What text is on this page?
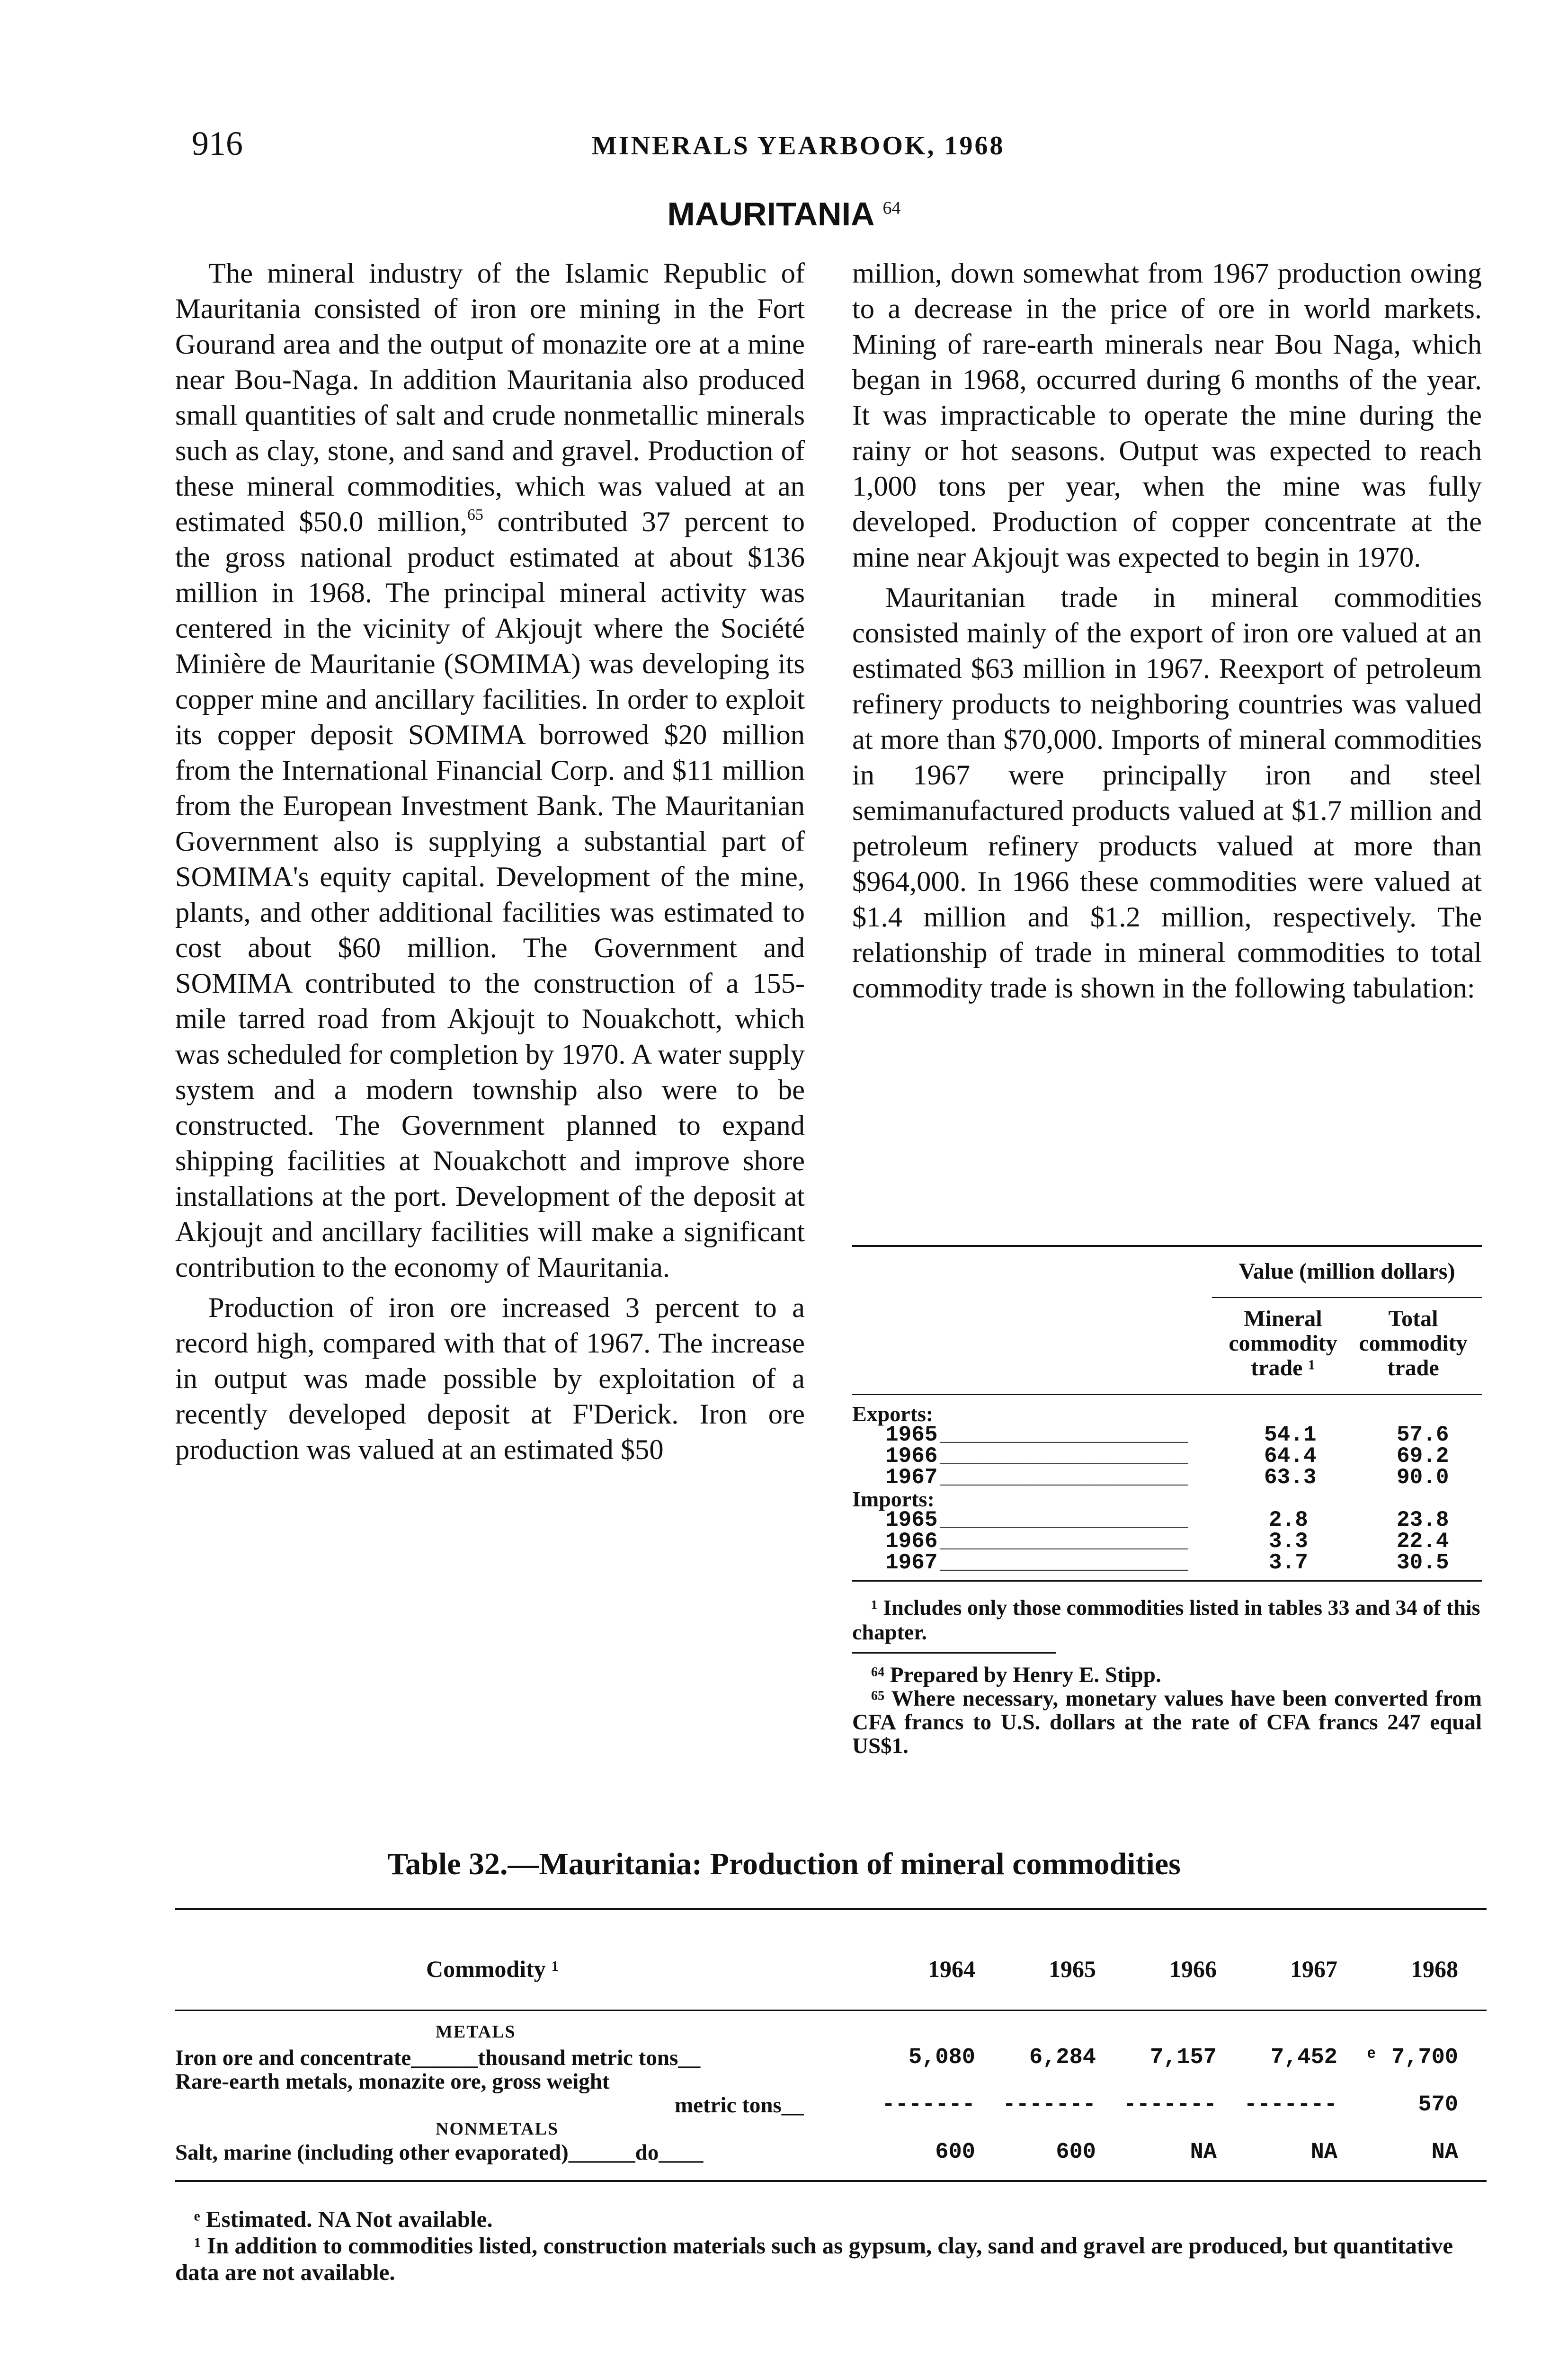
916	MINERALS YEARBOOK, 1968
MAURITANIA $^{64}$

The mineral industry of the Islamic Republic of Mauritania consisted of iron ore mining in the Fort Gourand area and the output of monazite ore at a mine near Bou-Naga. In addition Mauritania also produced small quantities of salt and crude nonmetallic minerals such as clay, stone, and sand and gravel. Production of these mineral commodities, which was valued at an estimated $50.0 million,$^{65}$ contributed 37 percent to the gross national product estimated at about $136 million in 1968. The principal mineral activity was centered in the vicinity of Akjoujt where the Société Minière de Mauritanie (SOMIMA) was developing its copper mine and ancillary facilities. In order to exploit its copper deposit SOMIMA borrowed $20 million from the International Financial Corp. and $11 million from the European Investment Bank. The Mauritanian Government also is supplying a substantial part of SOMIMA's equity capital. Development of the mine, plants, and other additional facilities was estimated to cost about $60 million. The Government and SOMIMA contributed to the construction of a 155-mile tarred road from Akjoujt to Nouakchott, which was scheduled for completion by 1970. A water supply system and a modern township also were to be constructed. The Government planned to expand shipping facilities at Nouakchott and improve shore installations at the port. Development of the deposit at Akjoujt and ancillary facilities will make a significant contribution to the economy of Mauritania.

Production of iron ore increased 3 percent to a record high, compared with that of 1967. The increase in output was made possible by exploitation of a recently developed deposit at F'Derick. Iron ore production was valued at an estimated $50

million, down somewhat from 1967 production owing to a decrease in the price of ore in world markets. Mining of rare-earth minerals near Bou Naga, which began in 1968, occurred during 6 months of the year. It was impracticable to operate the mine during the rainy or hot seasons. Output was expected to reach 1,000 tons per year, when the mine was fully developed. Production of copper concentrate at the mine near Akjoujt was expected to begin in 1970.

Mauritanian trade in mineral commodities consisted mainly of the export of iron ore valued at an estimated $63 million in 1967. Reexport of petroleum refinery products to neighboring countries was valued at more than $70,000. Imports of mineral commodities in 1967 were principally iron and steel semimanufactured products valued at $1.7 million and petroleum refinery products valued at more than $964,000. In 1966 these commodities were valued at $1.4 million and $1.2 million, respectively. The relationship of trade in mineral commodities to total commodity trade is shown in the following tabulation:

Value (million dollars)
Mineral commodity trade ¹
Total commodity trade
Exports:
1965 ___________________	54.1	57.6
1966 ___________________	64.4	69.2
1967 ___________________	63.3	90.0
Imports:
1965 ___________________	2.8	23.8
1966 ___________________	3.3	22.4
1967 ___________________	3.7	30.5
¹ Includes only those commodities listed in tables 33 and 34 of this chapter.
⁶⁴ Prepared by Henry E. Stipp.
⁶⁵ Where necessary, monetary values have been converted from CFA francs to U.S. dollars at the rate of CFA francs 247 equal US$1.
Table 32.—Mauritania: Production of mineral commodities
Commodity ¹	1964	1965	1966	1967	1968
METALS
Iron ore and concentrate______thousand metric tons__	5,080	6,284	7,157	7,452	ᵉ 7,700
Rare-earth metals, monazite ore, gross weight
metric tons__	-------	-------	-------	-------	570
NONMETALS
Salt, marine (including other evaporated)______do____	600	600	NA	NA	NA

ᵉ Estimated. NA Not available.

¹ In addition to commodities listed, construction materials such as gypsum, clay, sand and gravel are produced, but quantitative data are not available.
